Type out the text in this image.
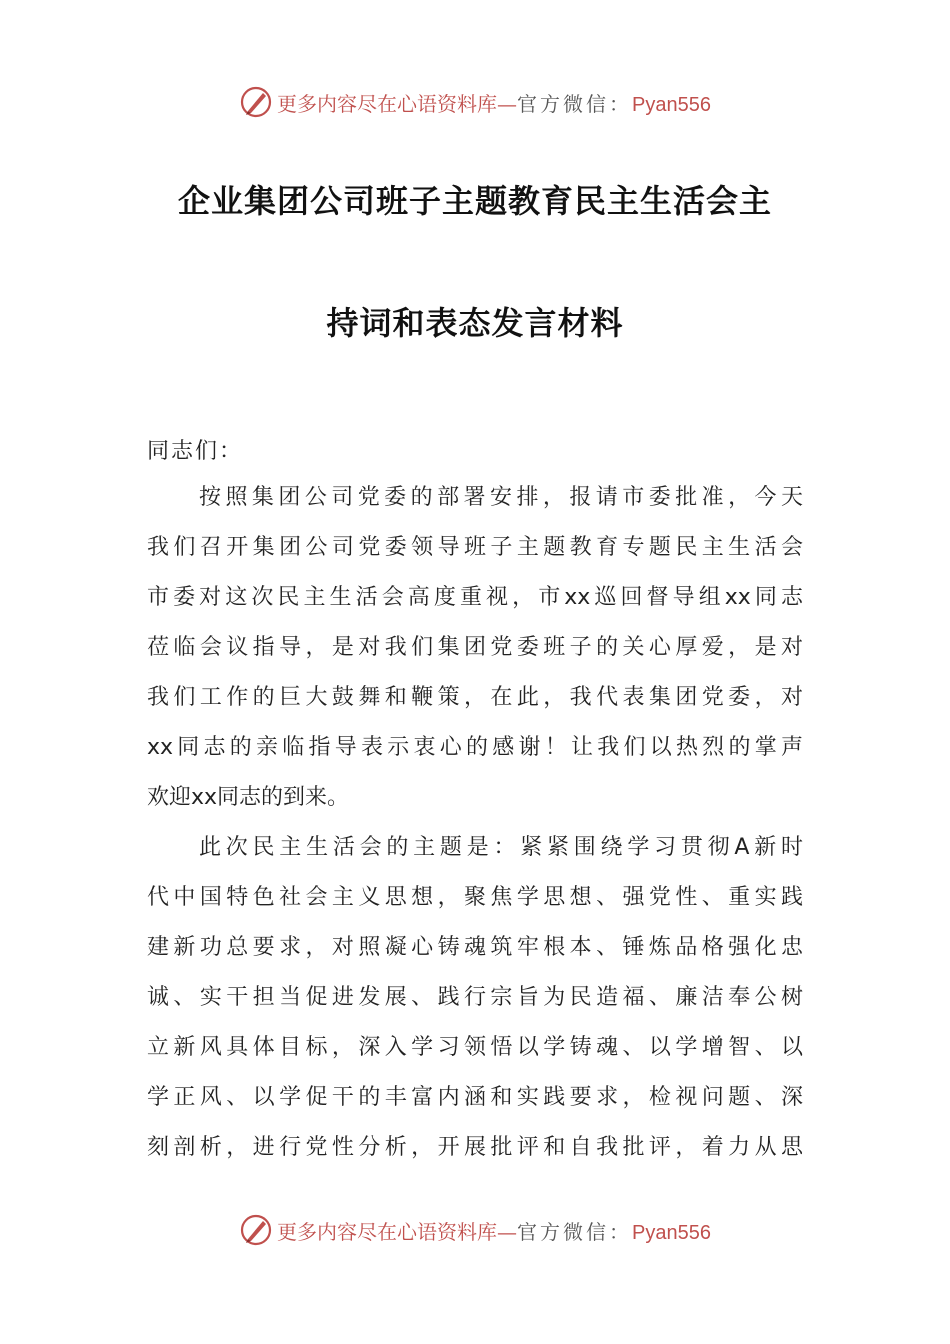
更多内容尽在心语资料库—官方微信：Pyan556
企业集团公司班子主题教育民主生活会主
持词和表态发言材料
同志们：
按照集团公司党委的部署安排，报请市委批准，今天
我们召开集团公司党委领导班子主题教育专题民主生活会
市委对这次民主生活会高度重视，市xx巡回督导组xx同志
莅临会议指导，是对我们集团党委班子的关心厚爱，是对
我们工作的巨大鼓舞和鞭策，在此，我代表集团党委，对
xx同志的亲临指导表示衷心的感谢！让我们以热烈的掌声
欢迎xx同志的到来。
此次民主生活会的主题是：紧紧围绕学习贯彻A新时
代中国特色社会主义思想，聚焦学思想、强党性、重实践
建新功总要求，对照凝心铸魂筑牢根本、锤炼品格强化忠
诚、实干担当促进发展、践行宗旨为民造福、廉洁奉公树
立新风具体目标，深入学习领悟以学铸魂、以学增智、以
学正风、以学促干的丰富内涵和实践要求，检视问题、深
刻剖析，进行党性分析，开展批评和自我批评，着力从思
更多内容尽在心语资料库—官方微信：Pyan556
